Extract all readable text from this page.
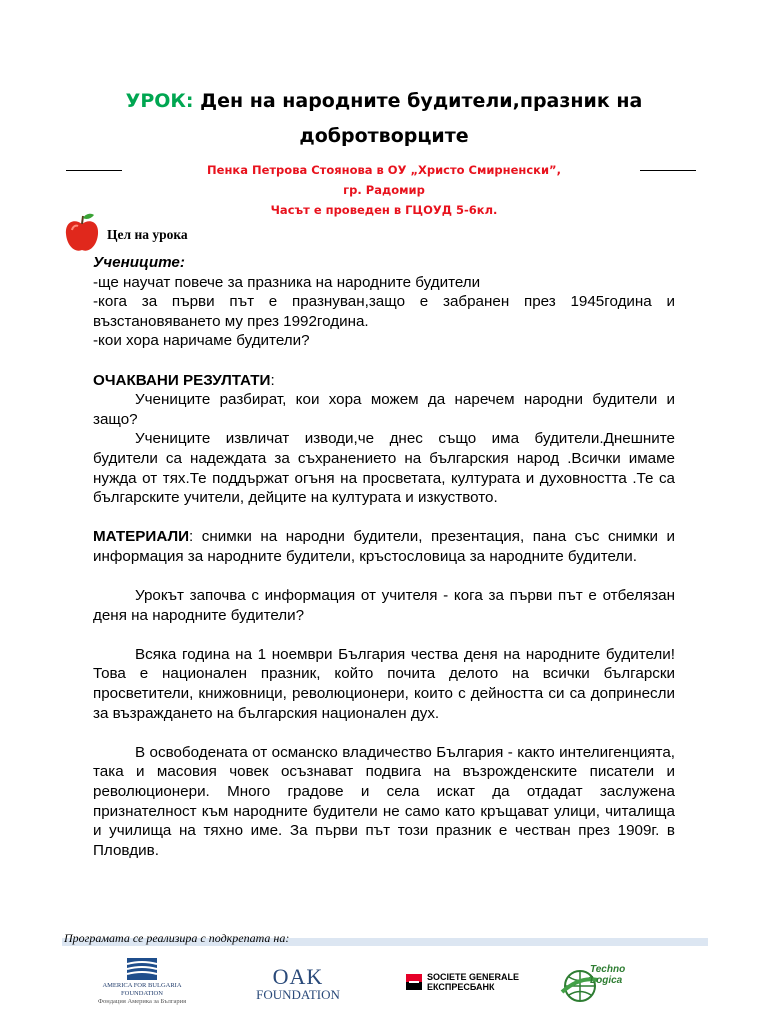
УРОК: Ден на народните будители,празник на
добротворците
Пенка Петрова Стоянова в ОУ „Христо Смирненски”,
гр. Радомир
Часът е проведен в ГЦОУД 5-6кл.
Цел на урока

Учениците:

-ще научат повече за празника на народните будители

-кога за първи път е празнуван,защо е забранен през 1945година и възстановяването му през 1992година.

-кои хора наричаме будители?

ОЧАКВАНИ РЕЗУЛТАТИ:

Учениците разбират, кои хора можем да наречем народни будители и защо?

Учениците извличат изводи,че днес също има будители.Днешните будители са надеждата за съхранението на българския народ .Всички имаме нужда от тях.Те поддържат огъня на просветата, културата и духовността .Те са българските учители, дейците на културата и изкуството.

МАТЕРИАЛИ: снимки на народни будители, презентация, пана със снимки и информация за народните будители, кръстословица за народните будители.

Урокът започва с информация от учителя - кога за първи път е отбелязан деня на народните будители?

Всяка година на 1 ноември България чества деня на народните будители! Това е национален празник, който почита делото на всички български просветители, книжовници, революционери, които с дейността си са допринесли за възраждането на българския национален дух.

В освободената от османско владичество България - както интелигенцията, така и масовия човек осъзнават подвига на възрожденските писатели и революционери. Много градове и села искат да отдадат заслужена признателност към народните будители не само като кръщават улици, читалища и училища на тяхно име. За първи път този празник е честван през 1909г. в Пловдив.

Програмата се реализира с подкрепата на:
AMERICA FOR BULGARIA
FOUNDATION
Фондация Америка за България
OAK
FOUNDATION
SOCIETE GENERALE
ЕКСПРЕСБАНК
Techno
Logica
